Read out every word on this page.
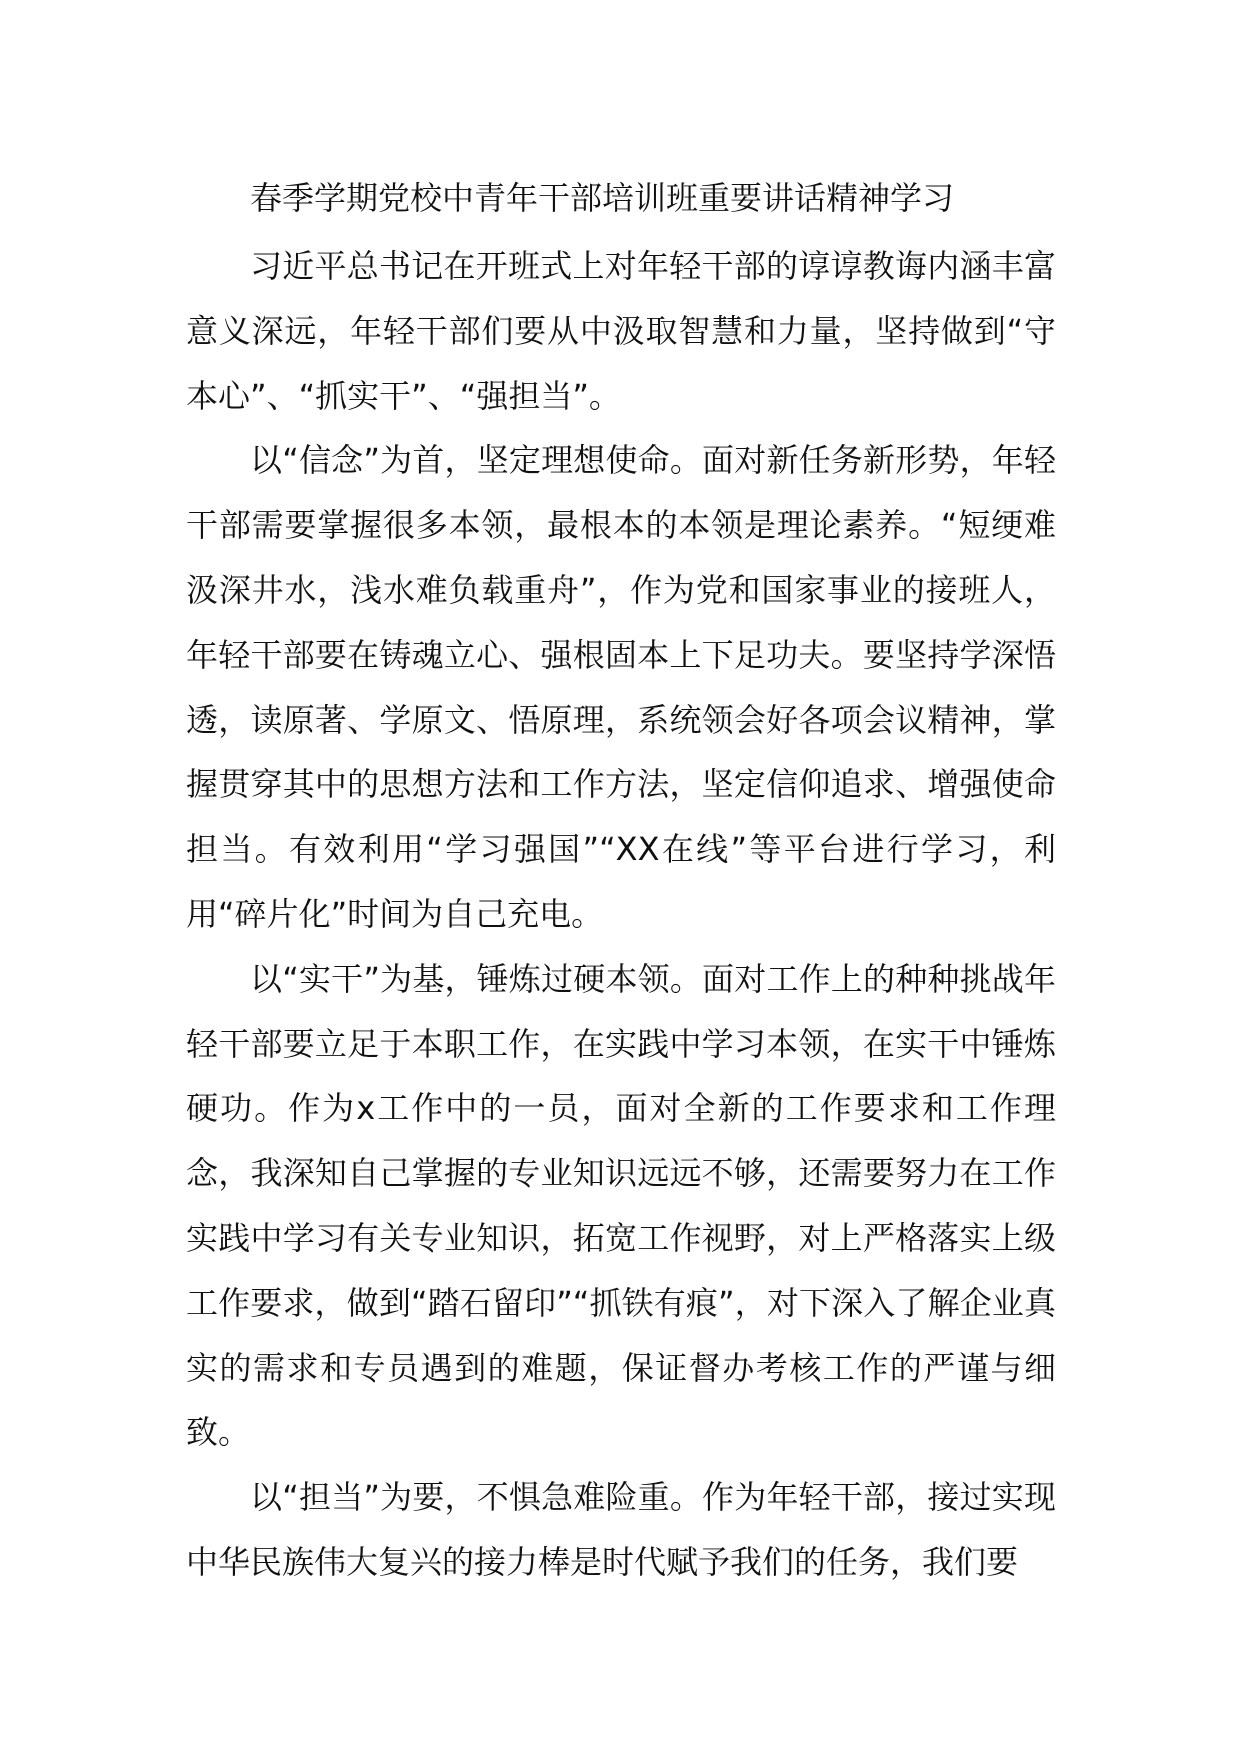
春季学期党校中青年干部培训班重要讲话精神学习

习近平总书记在开班式上对年轻干部的谆谆教诲内涵丰富意义深远，年轻干部们要从中汲取智慧和力量，坚持做到“守本心”、“抓实干”、“强担当”。

以“信念”为首，坚定理想使命。面对新任务新形势，年轻干部需要掌握很多本领，最根本的本领是理论素养。“短绠难汲深井水，浅水难负载重舟”，作为党和国家事业的接班人，年轻干部要在铸魂立心、强根固本上下足功夫。要坚持学深悟透，读原著、学原文、悟原理，系统领会好各项会议精神，掌握贯穿其中的思想方法和工作方法，坚定信仰追求、增强使命担当。有效利用“学习强国”“XX在线”等平台进行学习，利用“碎片化”时间为自己充电。

以“实干”为基，锤炼过硬本领。面对工作上的种种挑战年轻干部要立足于本职工作，在实践中学习本领，在实干中锤炼硬功。作为x工作中的一员，面对全新的工作要求和工作理念，我深知自己掌握的专业知识远远不够，还需要努力在工作实践中学习有关专业知识，拓宽工作视野，对上严格落实上级工作要求，做到“踏石留印”“抓铁有痕”，对下深入了解企业真实的需求和专员遇到的难题，保证督办考核工作的严谨与细致。

以“担当”为要，不惧急难险重。作为年轻干部，接过实现中华民族伟大复兴的接力棒是时代赋予我们的任务，我们要
